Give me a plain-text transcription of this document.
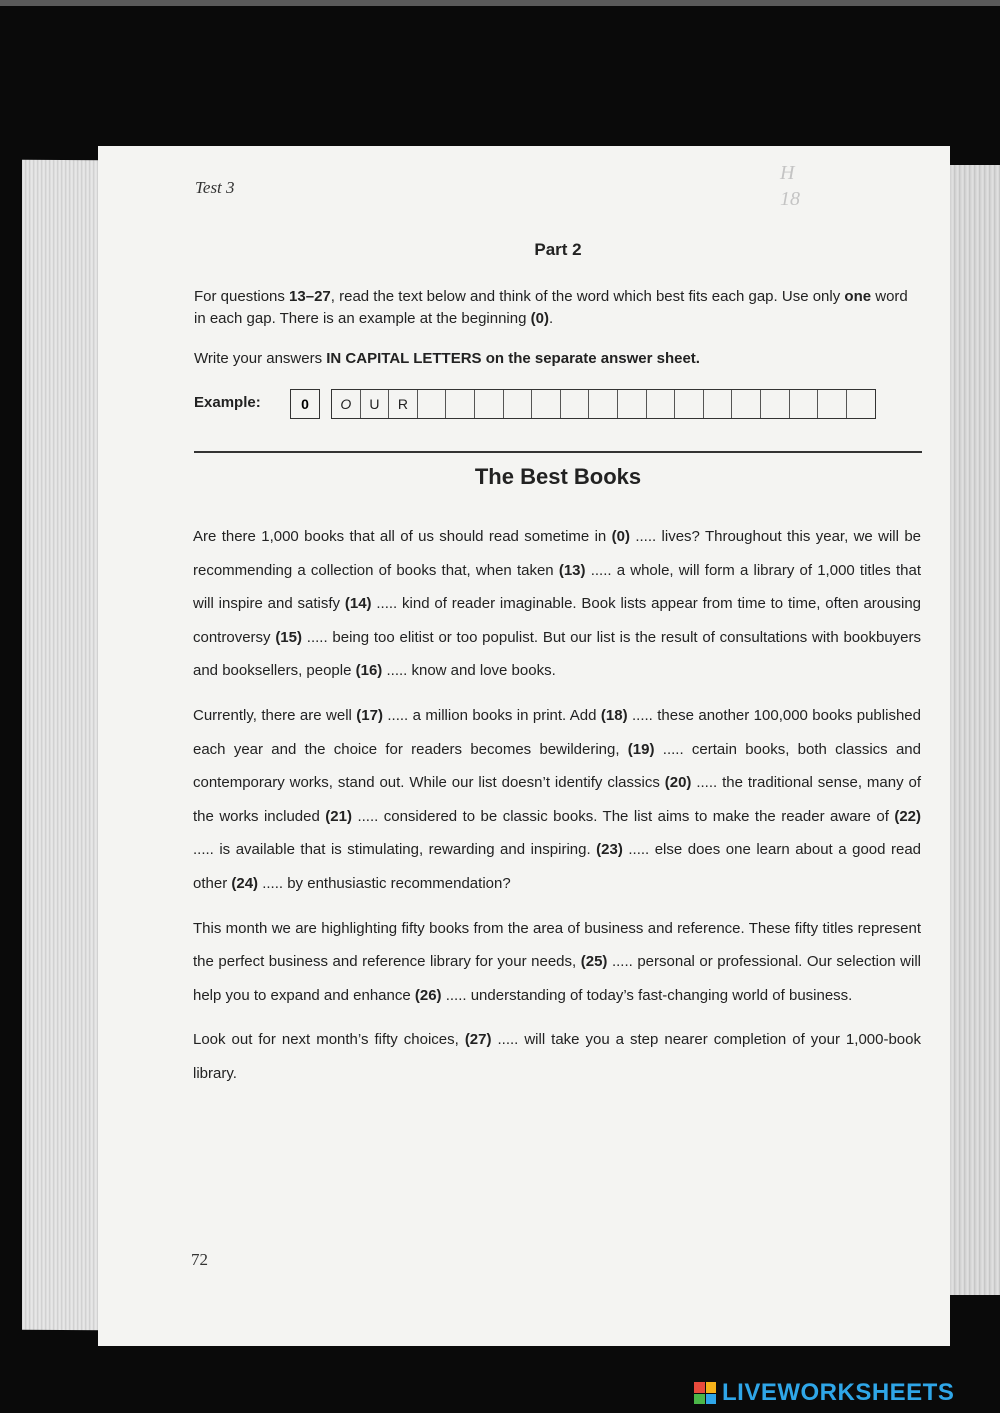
Test 3
H
18
Part 2
For questions 13–27, read the text below and think of the word which best fits each gap. Use only one word in each gap. There is an example at the beginning (0).
Write your answers IN CAPITAL LETTERS on the separate answer sheet.
Example:	0	O	U	R
The Best Books

Are there 1,000 books that all of us should read sometime in (0) ..... lives? Throughout this year, we will be recommending a collection of books that, when taken (13) ..... a whole, will form a library of 1,000 titles that will inspire and satisfy (14) ..... kind of reader imaginable. Book lists appear from time to time, often arousing controversy (15) ..... being too elitist or too populist. But our list is the result of consultations with bookbuyers and booksellers, people (16) ..... know and love books.

Currently, there are well (17) ..... a million books in print. Add (18) ..... these another 100,000 books published each year and the choice for readers becomes bewildering, (19) ..... certain books, both classics and contemporary works, stand out. While our list doesn’t identify classics (20) ..... the traditional sense, many of the works included (21) ..... considered to be classic books. The list aims to make the reader aware of (22) ..... is available that is stimulating, rewarding and inspiring. (23) ..... else does one learn about a good read other (24) ..... by enthusiastic recommendation?

This month we are highlighting fifty books from the area of business and reference. These fifty titles represent the perfect business and reference library for your needs, (25) ..... personal or professional. Our selection will help you to expand and enhance (26) ..... understanding of today’s fast-changing world of business.

Look out for next month’s fifty choices, (27) ..... will take you a step nearer completion of your 1,000-book library.

72
LIVEWORKSHEETS
